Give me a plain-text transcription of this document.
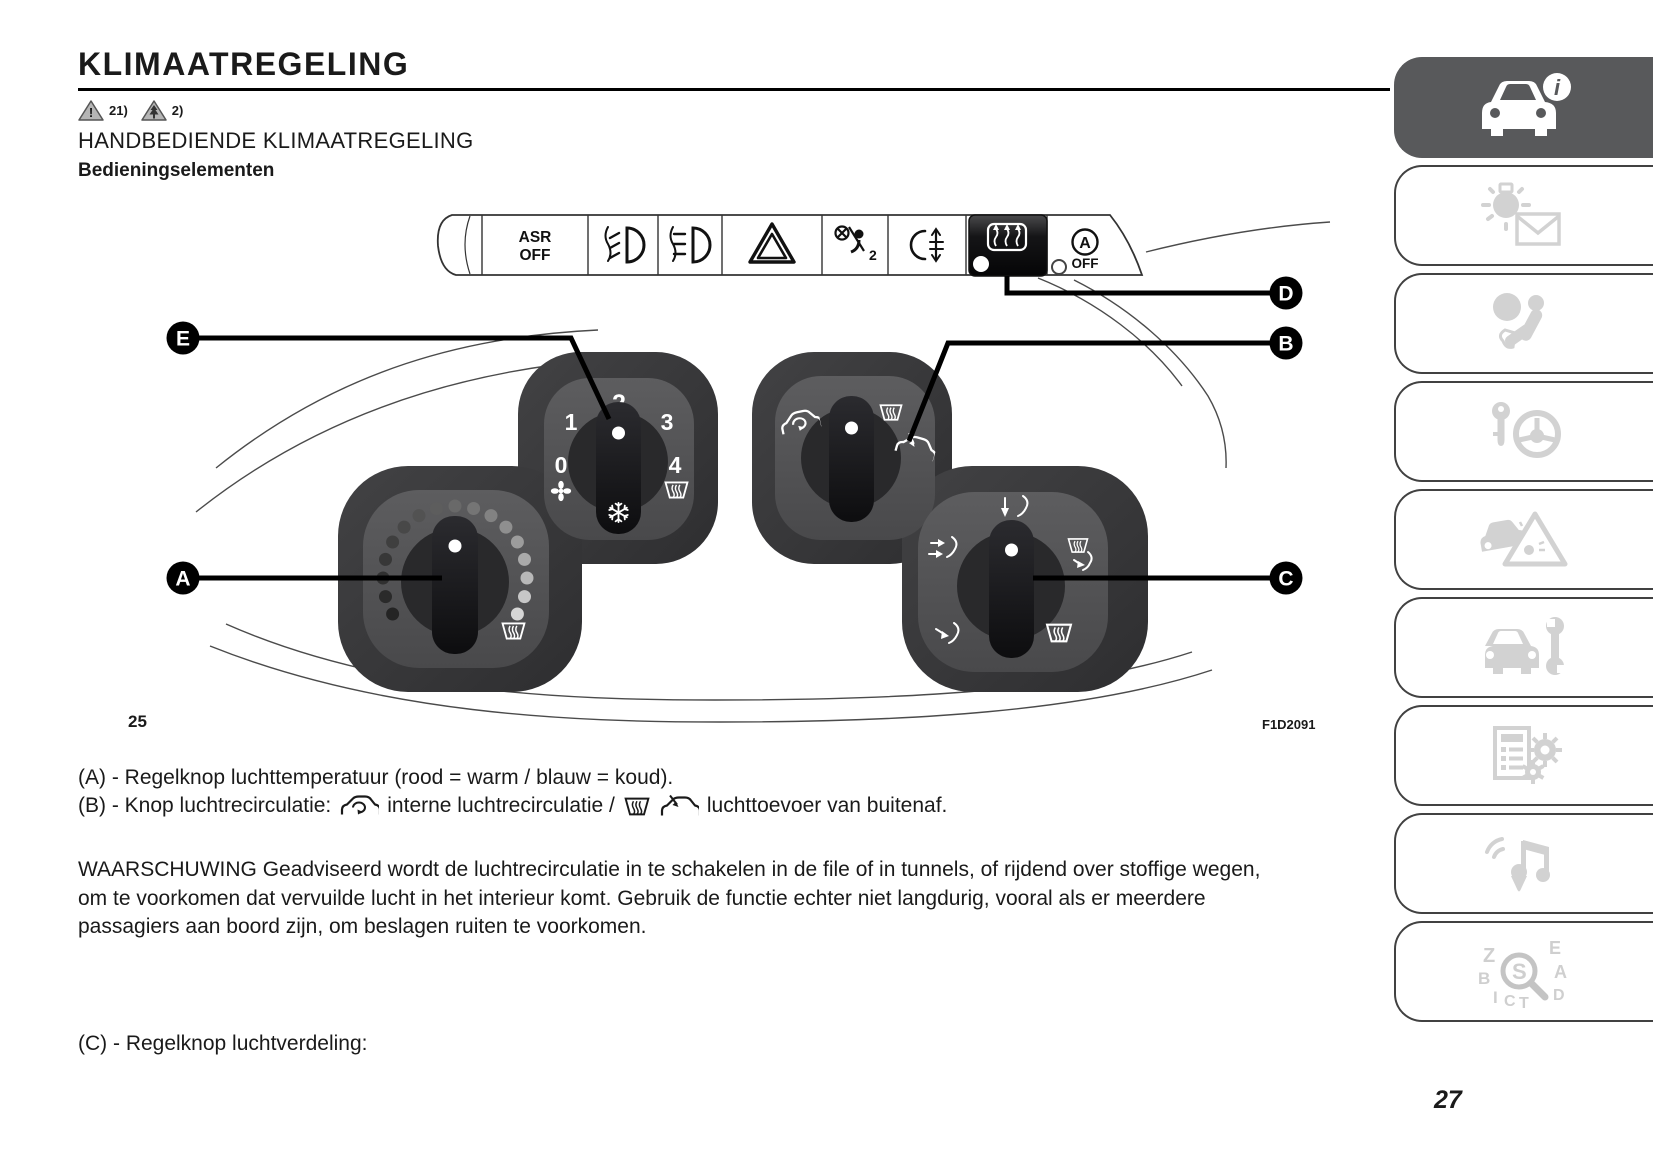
KLIMAATREGELING
! 21)	2)
HANDBEDIENDE KLIMAATREGELING
Bedieningselementen
1	3
0	4
ASR
OFF	2
A
OFF
E
A
D
B
C
25	F1D2091
(A) - Regelknop luchttemperatuur (rood = warm / blauw = koud).
(B) - Knop luchtrecirculatie:	interne luchtrecirculatie /	luchttoevoer van buitenaf.
WAARSCHUWING Geadviseerd wordt de luchtrecirculatie in te schakelen in de file of in tunnels, of rijdend over stoffige wegen,
om te voorkomen dat vervuilde lucht in het interieur komt. Gebruik de functie echter niet langdurig, vooral als er meerdere
passagiers aan boord zijn, om beslagen ruiten te voorkomen.
(C) - Regelknop luchtverdeling:
27
i
Z	E
B	A
S
I C T D
